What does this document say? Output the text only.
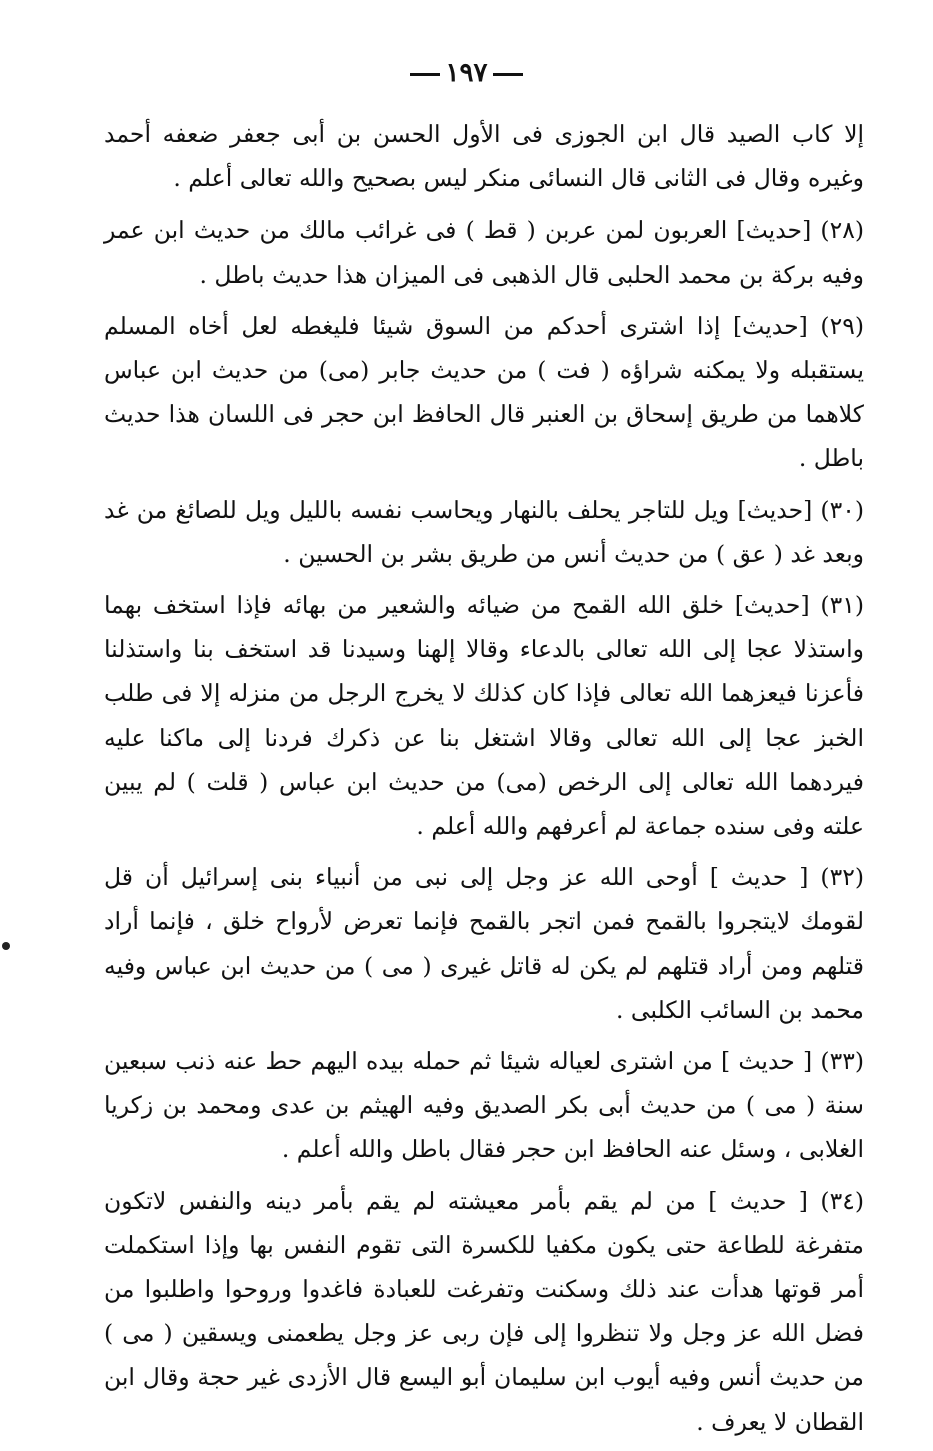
١٩٧

إلا كاب الصيد قال ابن الجوزى فى الأول الحسن بن أبى جعفر ضعفه أحمد وغيره وقال فى الثانى قال النسائى منكر ليس بصحيح والله تعالى أعلم .

(٢٨) [حديث] العربون لمن عربن ( قط ) فى غرائب مالك من حديث ابن عمر وفيه بركة بن محمد الحلبى قال الذهبى فى الميزان هذا حديث باطل .

(٢٩) [حديث] إذا اشترى أحدكم من السوق شيئا فليغطه لعل أخاه المسلم يستقبله ولا يمكنه شراؤه ( فت ) من حديث جابر (مى) من حديث ابن عباس كلاهما من طريق إسحاق بن العنبر قال الحافظ ابن حجر فى اللسان هذا حديث باطل .

(٣٠) [حديث] ويل للتاجر يحلف بالنهار ويحاسب نفسه بالليل ويل للصائغ من غد وبعد غد ( عق ) من حديث أنس من طريق بشر بن الحسين .

(٣١) [حديث] خلق الله القمح من ضيائه والشعير من بهائه فإذا استخف بهما واستذلا عجا إلى الله تعالى بالدعاء وقالا إلهنا وسيدنا قد استخف بنا واستذلنا فأعزنا فيعزهما الله تعالى فإذا كان كذلك لا يخرج الرجل من منزله إلا فى طلب الخبز عجا إلى الله تعالى وقالا اشتغل بنا عن ذكرك فردنا إلى ماكنا عليه فيردهما الله تعالى إلى الرخص (مى) من حديث ابن عباس ( قلت ) لم يبين علته وفى سنده جماعة لم أعرفهم والله أعلم .

(٣٢) [ حديث ] أوحى الله عز وجل إلى نبى من أنبياء بنى إسرائيل أن قل لقومك لايتجروا بالقمح فمن اتجر بالقمح فإنما تعرض لأرواح خلق ، فإنما أراد قتلهم ومن أراد قتلهم لم يكن له قاتل غيرى ( مى ) من حديث ابن عباس وفيه محمد بن السائب الكلبى .

(٣٣) [ حديث ] من اشترى لعياله شيئا ثم حمله بيده اليهم حط عنه ذنب سبعين سنة ( مى ) من حديث أبى بكر الصديق وفيه الهيثم بن عدى ومحمد بن زكريا الغلابى ، وسئل عنه الحافظ ابن حجر فقال باطل والله أعلم .

(٣٤) [ حديث ] من لم يقم بأمر معيشته لم يقم بأمر دينه والنفس لاتكون متفرغة للطاعة حتى يكون مكفيا للكسرة التى تقوم النفس بها وإذا استكملت أمر قوتها هدأت عند ذلك وسكنت وتفرغت للعبادة فاغدوا وروحوا واطلبوا من فضل الله عز وجل ولا تنظروا إلى فإن ربى عز وجل يطعمنى ويسقين ( مى ) من حديث أنس وفيه أيوب ابن سليمان أبو اليسع قال الأزدى غير حجة وقال ابن القطان لا يعرف .
